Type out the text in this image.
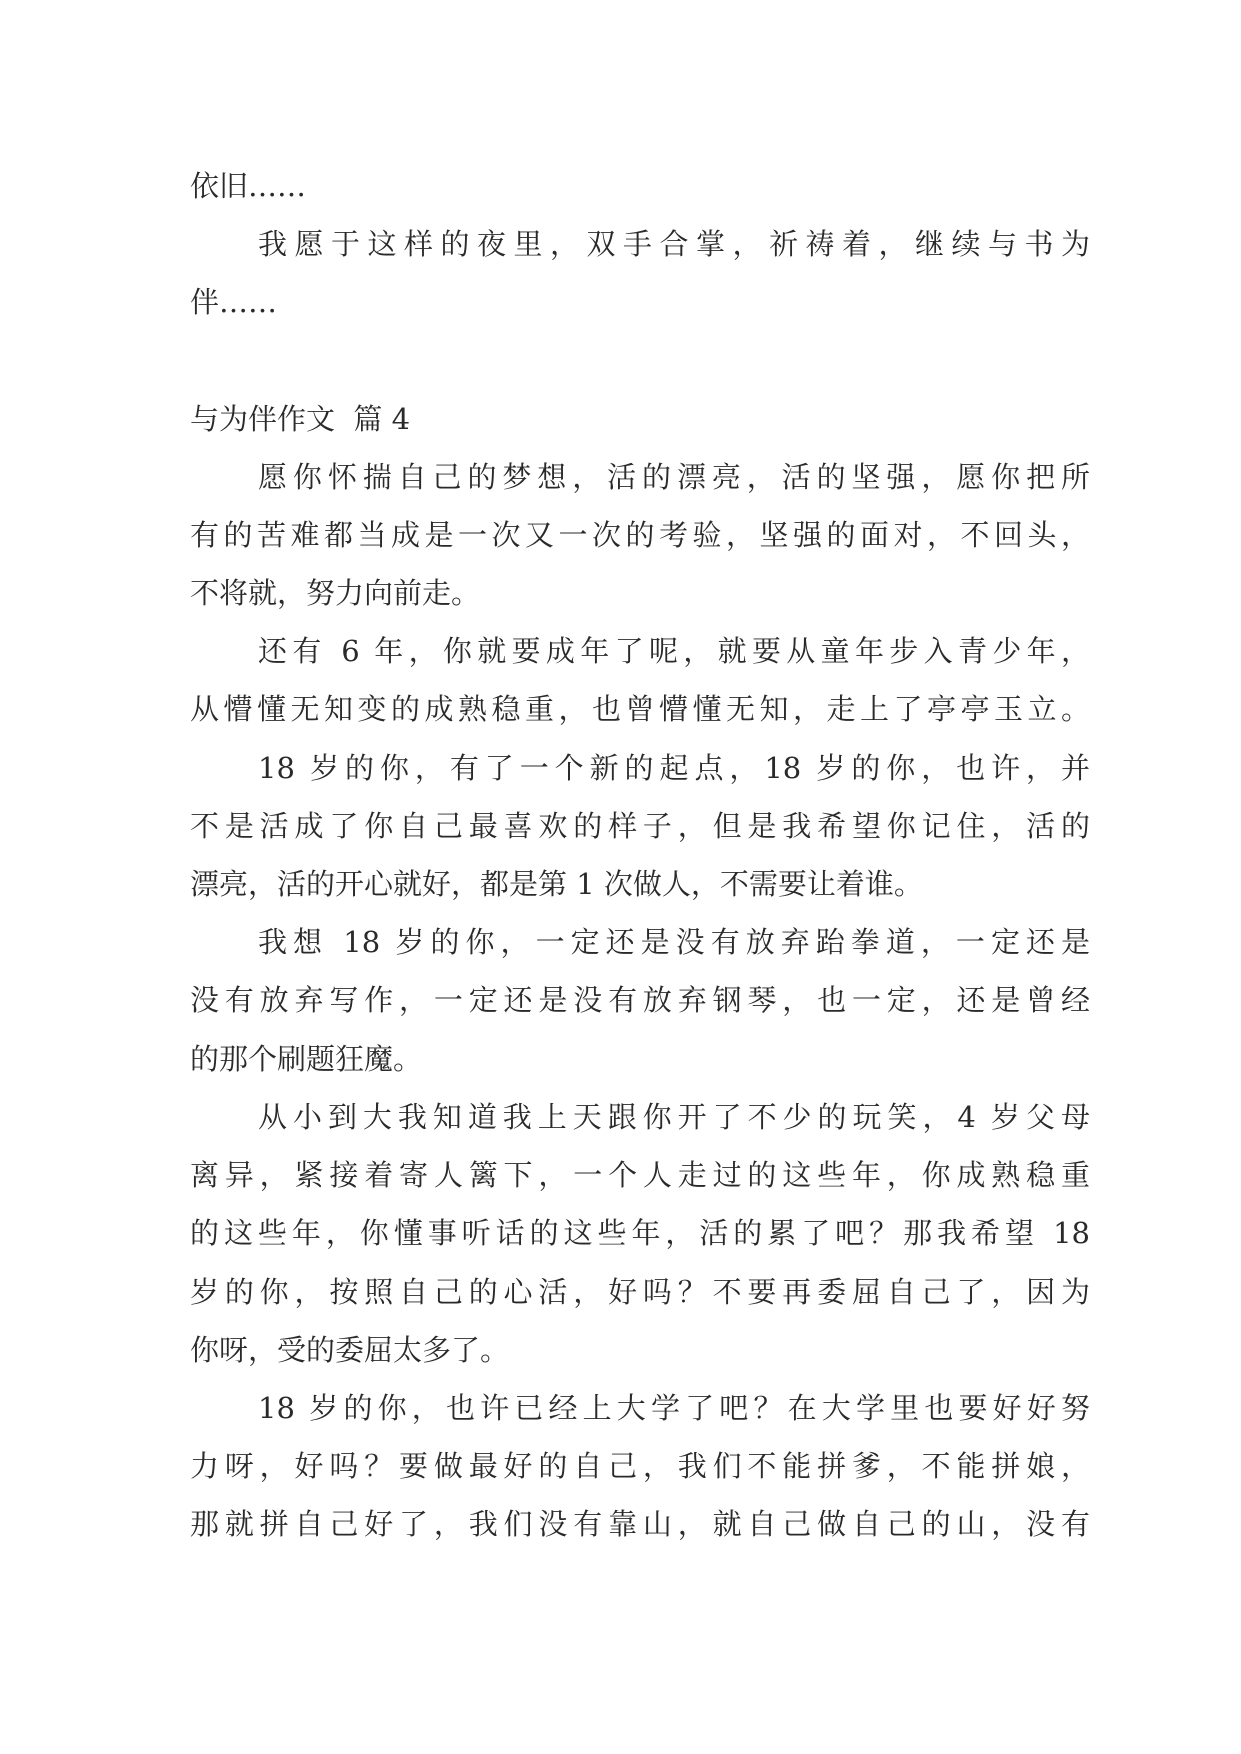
依旧……
我愿于这样的夜里，双手合掌，祈祷着，继续与书为
伴……
与为伴作文  篇 4
愿你怀揣自己的梦想，活的漂亮，活的坚强，愿你把所
有的苦难都当成是一次又一次的考验，坚强的面对，不回头，
不将就，努力向前走。
还有 6 年，你就要成年了呢，就要从童年步入青少年，
从懵懂无知变的成熟稳重，也曾懵懂无知，走上了亭亭玉立。
18 岁的你，有了一个新的起点，18 岁的你，也许，并
不是活成了你自己最喜欢的样子，但是我希望你记住，活的
漂亮，活的开心就好，都是第 1 次做人，不需要让着谁。
我想 18 岁的你，一定还是没有放弃跆拳道，一定还是
没有放弃写作，一定还是没有放弃钢琴，也一定，还是曾经
的那个刷题狂魔。
从小到大我知道我上天跟你开了不少的玩笑，4 岁父母
离异，紧接着寄人篱下，一个人走过的这些年，你成熟稳重
的这些年，你懂事听话的这些年，活的累了吧？那我希望 18
岁的你，按照自己的心活，好吗？不要再委屈自己了，因为
你呀，受的委屈太多了。
18 岁的你，也许已经上大学了吧？在大学里也要好好努
力呀，好吗？要做最好的自己，我们不能拼爹，不能拼娘，
那就拼自己好了，我们没有靠山，就自己做自己的山，没有
